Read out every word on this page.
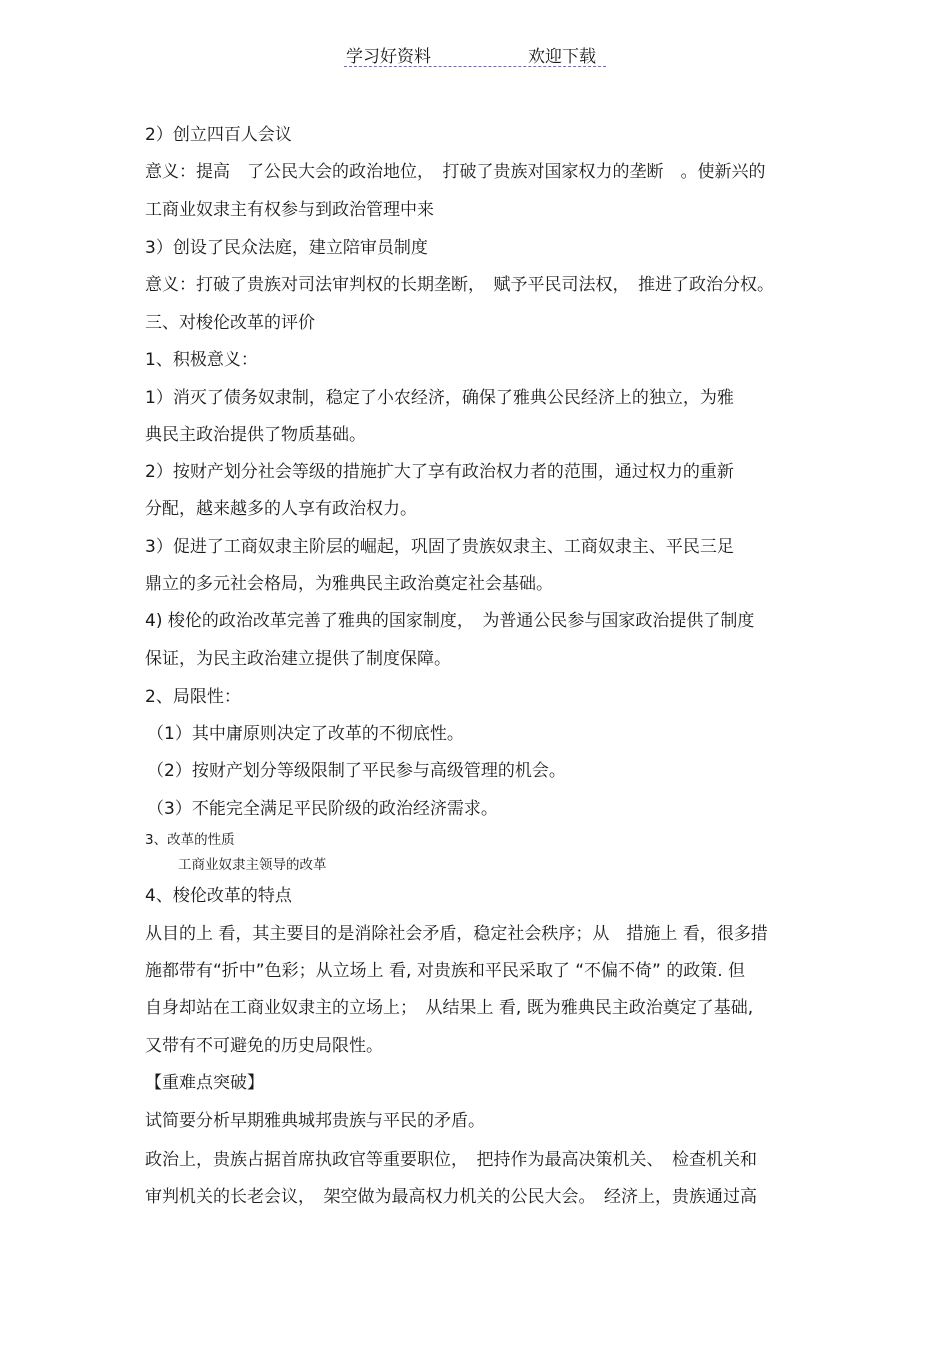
学习好资料	欢迎下载
2）创立四百人会议
意义：提高　了公民大会的政治地位，　打破了贵族对国家权力的垄断　。使新兴的
工商业奴隶主有权参与到政治管理中来
3）创设了民众法庭，建立陪审员制度
意义：打破了贵族对司法审判权的长期垄断，　赋予平民司法权，　推进了政治分权。
三、对梭伦改革的评价
1、积极意义：
1）消灭了债务奴隶制，稳定了小农经济，确保了雅典公民经济上的独立，为雅
典民主政治提供了物质基础。
2）按财产划分社会等级的措施扩大了享有政治权力者的范围，通过权力的重新
分配，越来越多的人享有政治权力。
3）促进了工商奴隶主阶层的崛起，巩固了贵族奴隶主、工商奴隶主、平民三足
鼎立的多元社会格局，为雅典民主政治奠定社会基础。
4) 梭伦的政治改革完善了雅典的国家制度，　为普通公民参与国家政治提供了制度
保证，为民主政治建立提供了制度保障。
2、局限性：
（1）其中庸原则决定了改革的不彻底性。
（2）按财产划分等级限制了平民参与高级管理的机会。
（3）不能完全满足平民阶级的政治经济需求。
3、改革的性质
工商业奴隶主领导的改革
4、梭伦改革的特点
从目的上 看，其主要目的是消除社会矛盾，稳定社会秩序；从　措施上 看，很多措
施都带有“折中”色彩；从立场上 看, 对贵族和平民采取了 “不偏不倚” 的政策. 但
自身却站在工商业奴隶主的立场上；　从结果上 看, 既为雅典民主政治奠定了基础,
又带有不可避免的历史局限性。
【重难点突破】
试简要分析早期雅典城邦贵族与平民的矛盾。
政治上，贵族占据首席执政官等重要职位，　把持作为最高决策机关、　检查机关和
审判机关的长老会议，　架空做为最高权力机关的公民大会。　经济上，贵族通过高
